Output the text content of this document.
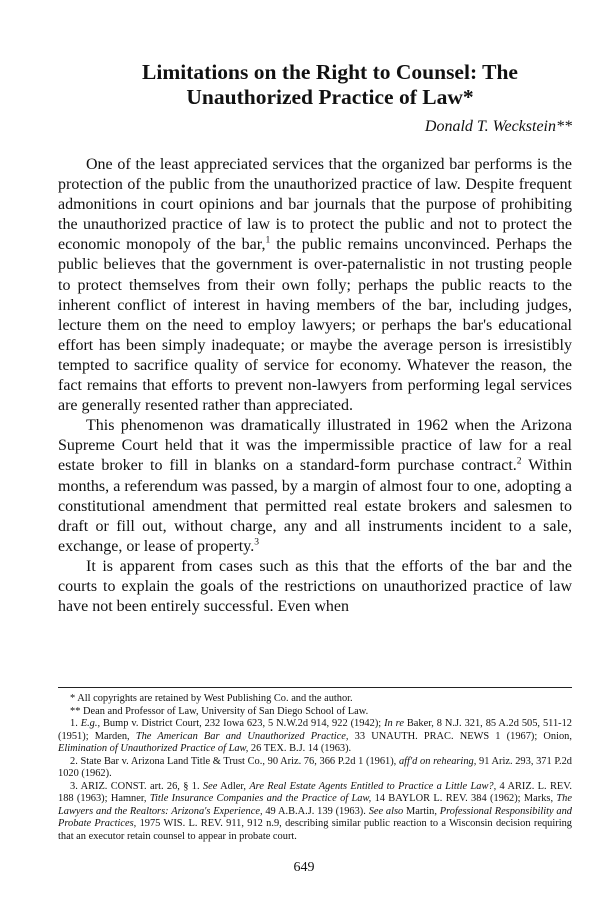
Limitations on the Right to Counsel: The
Unauthorized Practice of Law*
Donald T. Weckstein**

One of the least appreciated services that the organized bar performs is the protection of the public from the unauthorized practice of law. Despite frequent admonitions in court opinions and bar journals that the purpose of prohibiting the unauthorized practice of law is to protect the public and not to protect the economic monopoly of the bar,$^1$ the public remains unconvinced. Perhaps the public believes that the government is over-paternalistic in not trusting people to protect themselves from their own folly; perhaps the public reacts to the inherent conflict of interest in having members of the bar, including judges, lecture them on the need to employ lawyers; or perhaps the bar's educational effort has been simply inadequate; or maybe the average person is irresistibly tempted to sacrifice quality of service for economy. Whatever the reason, the fact remains that efforts to prevent non-lawyers from performing legal services are generally resented rather than appreciated.

This phenomenon was dramatically illustrated in 1962 when the Arizona Supreme Court held that it was the impermissible practice of law for a real estate broker to fill in blanks on a standard-form purchase contract.$^2$ Within months, a referendum was passed, by a margin of almost four to one, adopting a constitutional amendment that permitted real estate brokers and salesmen to draft or fill out, without charge, any and all instruments incident to a sale, exchange, or lease of property.$^3$

It is apparent from cases such as this that the efforts of the bar and the courts to explain the goals of the restrictions on unauthorized practice of law have not been entirely successful. Even when

* All copyrights are retained by West Publishing Co. and the author.

** Dean and Professor of Law, University of San Diego School of Law.

1. E.g., Bump v. District Court, 232 Iowa 623, 5 N.W.2d 914, 922 (1942); In re Baker, 8 N.J. 321, 85 A.2d 505, 511-12 (1951); Marden, The American Bar and Unauthorized Practice, 33 UNAUTH. PRAC. NEWS 1 (1967); Onion, Elimination of Unauthorized Practice of Law, 26 TEX. B.J. 14 (1963).

2. State Bar v. Arizona Land Title & Trust Co., 90 Ariz. 76, 366 P.2d 1 (1961), aff'd on rehearing, 91 Ariz. 293, 371 P.2d 1020 (1962).

3. ARIZ. CONST. art. 26, § 1. See Adler, Are Real Estate Agents Entitled to Practice a Little Law?, 4 ARIZ. L. REV. 188 (1963); Hamner, Title Insurance Companies and the Practice of Law, 14 BAYLOR L. REV. 384 (1962); Marks, The Lawyers and the Realtors: Arizona's Experience, 49 A.B.A.J. 139 (1963). See also Martin, Professional Responsibility and Probate Practices, 1975 WIS. L. REV. 911, 912 n.9, describing similar public reaction to a Wisconsin decision requiring that an executor retain counsel to appear in probate court.

649
